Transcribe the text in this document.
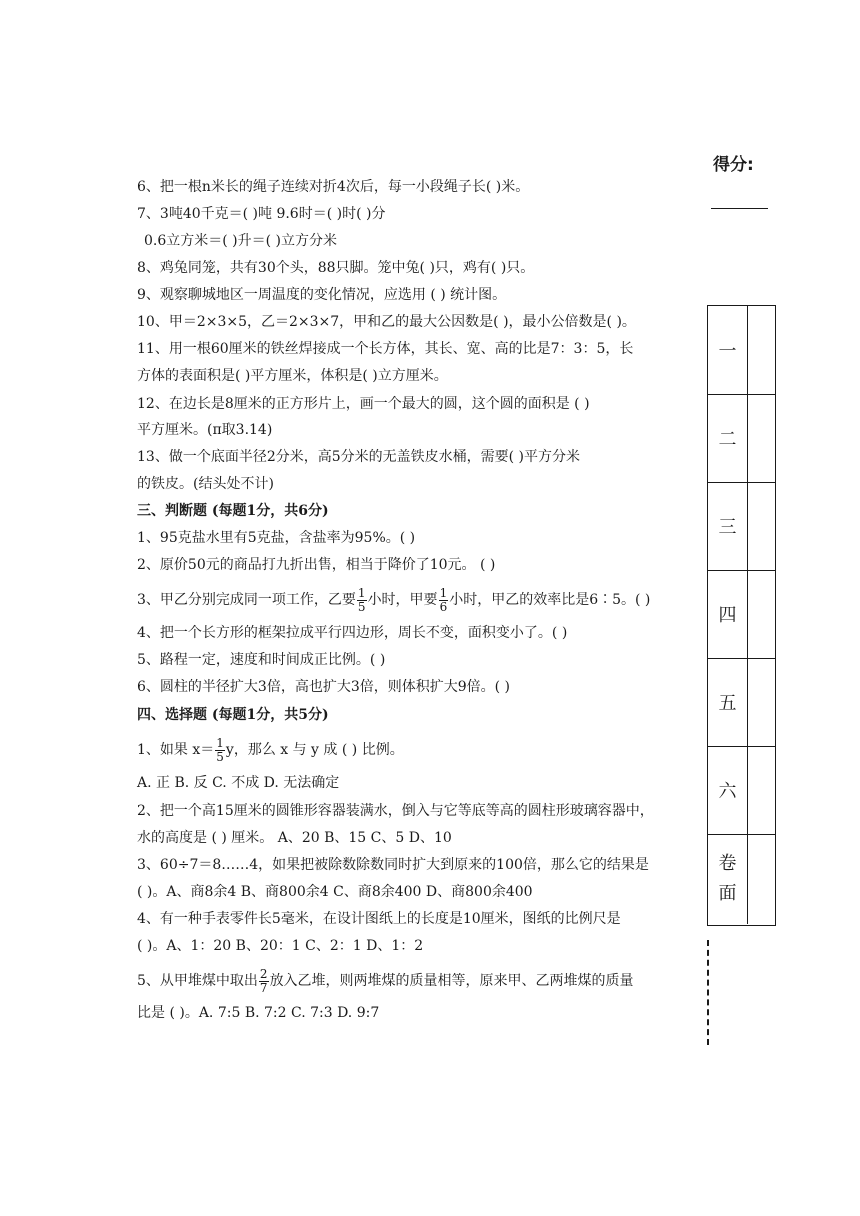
得分:
一
二
三
四
五
六
卷
面
6、把一根n米长的绳子连续对折4次后，每一小段绳子长( )米。
7、3吨40千克＝( )吨 9.6时＝( )时( )分
0.6立方米＝( )升＝( )立方分米
8、鸡兔同笼，共有30个头，88只脚。笼中兔( )只，鸡有( )只。
9、观察聊城地区一周温度的变化情况，应选用 ( ) 统计图。
10、甲＝2×3×5，乙＝2×3×7，甲和乙的最大公因数是( )，最小公倍数是( )。
11、用一根60厘米的铁丝焊接成一个长方体，其长、宽、高的比是7：3：5，长
方体的表面积是( )平方厘米，体积是( )立方厘米。
12、在边长是8厘米的正方形片上，画一个最大的圆，这个圆的面积是 ( )
平方厘米。(π取3.14)
13、做一个底面半径2分米，高5分米的无盖铁皮水桶，需要( )平方分米
的铁皮。(结头处不计)
三、判断题 (每题1分，共6分)
1、95克盐水里有5克盐，含盐率为95%。( )
2、原价50元的商品打九折出售，相当于降价了10元。 ( )
3、甲乙分别完成同一项工作，乙要 $\frac{1}{5}$ 小时，甲要 $\frac{1}{6}$ 小时，甲乙的效率比是6∶5。( )
4、把一个长方形的框架拉成平行四边形，周长不变，面积变小了。( )
5、路程一定，速度和时间成正比例。( )
6、圆柱的半径扩大3倍，高也扩大3倍，则体积扩大9倍。( )
四、选择题 (每题1分，共5分)
1、如果 $x= \frac{1}{5}$ y，那么 x 与 y 成 ( ) 比例。
A. 正 B. 反 C. 不成 D. 无法确定
2、把一个高15厘米的圆锥形容器装满水，倒入与它等底等高的圆柱形玻璃容器中，
水的高度是 ( ) 厘米。 A、20 B、15 C、5 D、10
3、60÷7＝8……4，如果把被除数除数同时扩大到原来的100倍，那么它的结果是
( )。A、商8余4 B、商800余4 C、商8余400 D、商800余400
4、有一种手表零件长5毫米，在设计图纸上的长度是10厘米，图纸的比例尺是
( )。A、1：20 B、20：1 C、2：1 D、1：2
5、从甲堆煤中取出 $\frac{2}{7}$ 放入乙堆，则两堆煤的质量相等，原来甲、乙两堆煤的质量
比是 ( )。A. 7:5 B. 7:2 C. 7:3 D. 9:7
